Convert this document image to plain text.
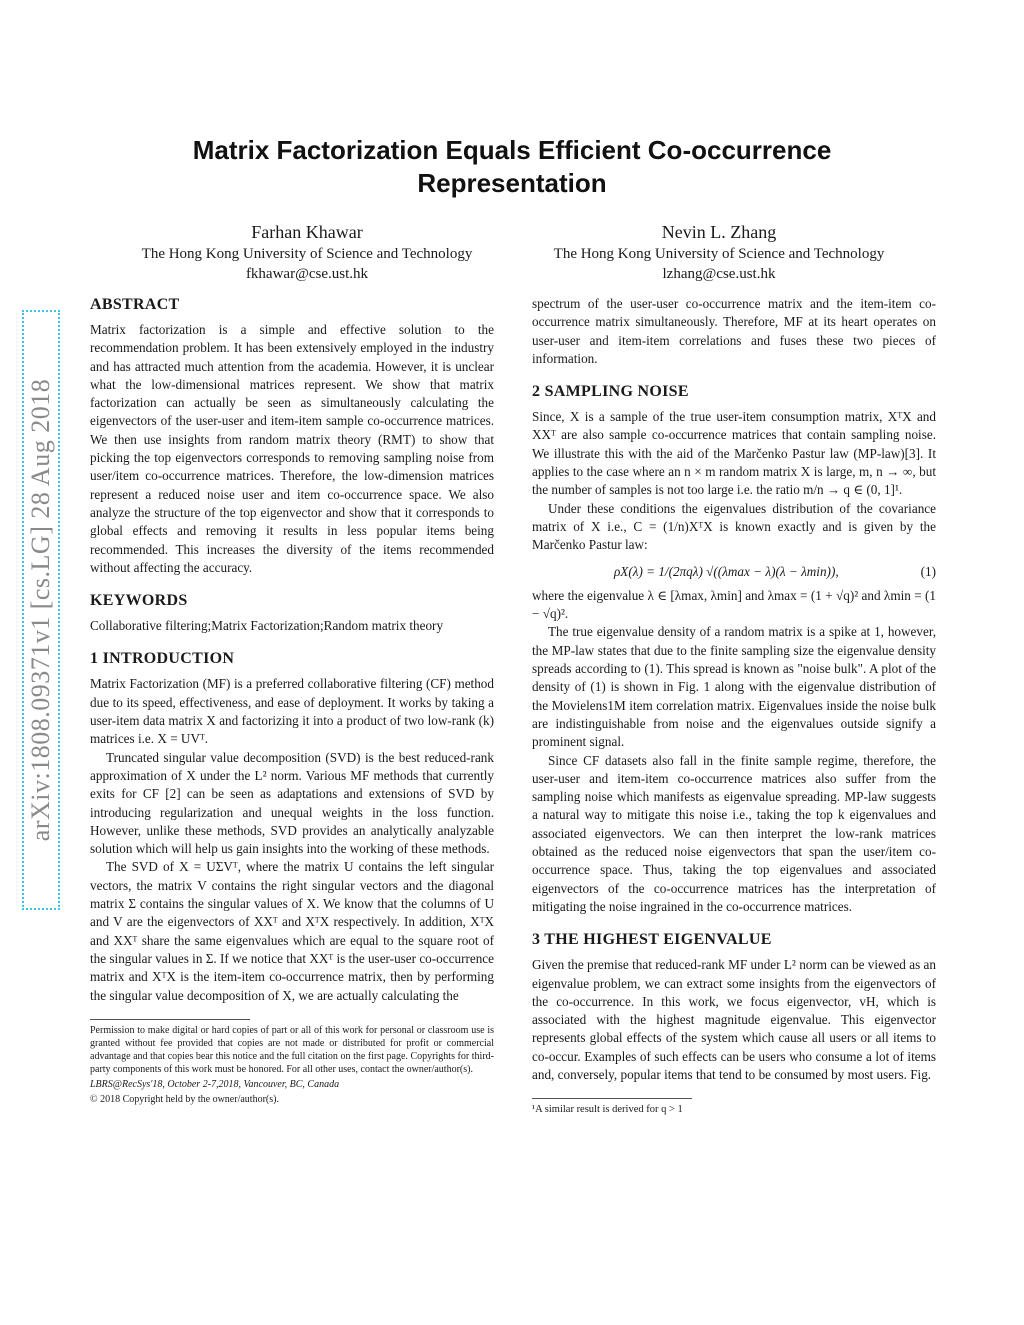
arXiv:1808.09371v1 [cs.LG] 28 Aug 2018
Matrix Factorization Equals Efficient Co-occurrence Representation
Farhan Khawar
The Hong Kong University of Science and Technology
fkhawar@cse.ust.hk
Nevin L. Zhang
The Hong Kong University of Science and Technology
lzhang@cse.ust.hk
ABSTRACT

Matrix factorization is a simple and effective solution to the recommendation problem. It has been extensively employed in the industry and has attracted much attention from the academia. However, it is unclear what the low-dimensional matrices represent. We show that matrix factorization can actually be seen as simultaneously calculating the eigenvectors of the user-user and item-item sample co-occurrence matrices. We then use insights from random matrix theory (RMT) to show that picking the top eigenvectors corresponds to removing sampling noise from user/item co-occurrence matrices. Therefore, the low-dimension matrices represent a reduced noise user and item co-occurrence space. We also analyze the structure of the top eigenvector and show that it corresponds to global effects and removing it results in less popular items being recommended. This increases the diversity of the items recommended without affecting the accuracy.

KEYWORDS

Collaborative filtering;Matrix Factorization;Random matrix theory

1 INTRODUCTION

Matrix Factorization (MF) is a preferred collaborative filtering (CF) method due to its speed, effectiveness, and ease of deployment. It works by taking a user-item data matrix X and factorizing it into a product of two low-rank (k) matrices i.e. X = UVᵀ.

Truncated singular value decomposition (SVD) is the best reduced-rank approximation of X under the L² norm. Various MF methods that currently exits for CF [2] can be seen as adaptations and extensions of SVD by introducing regularization and unequal weights in the loss function. However, unlike these methods, SVD provides an analytically analyzable solution which will help us gain insights into the working of these methods.

The SVD of X = UΣVᵀ, where the matrix U contains the left singular vectors, the matrix V contains the right singular vectors and the diagonal matrix Σ contains the singular values of X. We know that the columns of U and V are the eigenvectors of XXᵀ and XᵀX respectively. In addition, XᵀX and XXᵀ share the same eigenvalues which are equal to the square root of the singular values in Σ. If we notice that XXᵀ is the user-user co-occurrence matrix and XᵀX is the item-item co-occurrence matrix, then by performing the singular value decomposition of X, we are actually calculating the

Permission to make digital or hard copies of part or all of this work for personal or classroom use is granted without fee provided that copies are not made or distributed for profit or commercial advantage and that copies bear this notice and the full citation on the first page. Copyrights for third-party components of this work must be honored. For all other uses, contact the owner/author(s).

LBRS@RecSys'18, October 2-7,2018, Vancouver, BC, Canada

© 2018 Copyright held by the owner/author(s).

spectrum of the user-user co-occurrence matrix and the item-item co-occurrence matrix simultaneously. Therefore, MF at its heart operates on user-user and item-item correlations and fuses these two pieces of information.

2 SAMPLING NOISE

Since, X is a sample of the true user-item consumption matrix, XᵀX and XXᵀ are also sample co-occurrence matrices that contain sampling noise. We illustrate this with the aid of the Marčenko Pastur law (MP-law)[3]. It applies to the case where an n × m random matrix X is large, m, n → ∞, but the number of samples is not too large i.e. the ratio m/n → q ∈ (0, 1]¹.

Under these conditions the eigenvalues distribution of the covariance matrix of X i.e., C = (1/n)XᵀX is known exactly and is given by the Marčenko Pastur law:

ρX(λ) = 1/(2πqλ) √((λmax − λ)(λ − λmin)),	(1)

where the eigenvalue λ ∈ [λmax, λmin] and λmax = (1 + √q)² and λmin = (1 − √q)².

The true eigenvalue density of a random matrix is a spike at 1, however, the MP-law states that due to the finite sampling size the eigenvalue density spreads according to (1). This spread is known as "noise bulk". A plot of the density of (1) is shown in Fig. 1 along with the eigenvalue distribution of the Movielens1M item correlation matrix. Eigenvalues inside the noise bulk are indistinguishable from noise and the eigenvalues outside signify a prominent signal.

Since CF datasets also fall in the finite sample regime, therefore, the user-user and item-item co-occurrence matrices also suffer from the sampling noise which manifests as eigenvalue spreading. MP-law suggests a natural way to mitigate this noise i.e., taking the top k eigenvalues and associated eigenvectors. We can then interpret the low-rank matrices obtained as the reduced noise eigenvectors that span the user/item co-occurrence space. Thus, taking the top eigenvalues and associated eigenvectors of the co-occurrence matrices has the interpretation of mitigating the noise ingrained in the co-occurrence matrices.

3 THE HIGHEST EIGENVALUE

Given the premise that reduced-rank MF under L² norm can be viewed as an eigenvalue problem, we can extract some insights from the eigenvectors of the co-occurrence. In this work, we focus eigenvector, vH, which is associated with the highest magnitude eigenvalue. This eigenvector represents global effects of the system which cause all users or all items to co-occur. Examples of such effects can be users who consume a lot of items and, conversely, popular items that tend to be consumed by most users. Fig.

¹A similar result is derived for q > 1
